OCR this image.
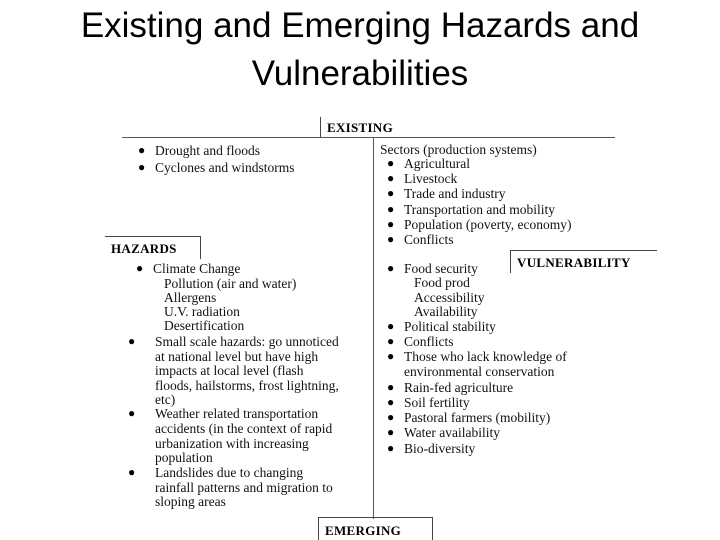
Existing and Emerging Hazards and
Vulnerabilities
EXISTING
HAZARDS
VULNERABILITY
EMERGING
● Drought and floods
● Cyclones and windstorms
● Climate Change
Pollution (air and water)
Allergens
U.V. radiation
Desertification
● Small scale hazards: go unnoticed
at national level but have high
impacts at local level (flash
floods, hailstorms, frost lightning,
etc)
● Weather related transportation
accidents (in the context of rapid
urbanization with increasing
population
● Landslides due to changing
rainfall patterns and migration to
sloping areas
Sectors (production systems)
● Agricultural
● Livestock
● Trade and industry
● Transportation and mobility
● Population (poverty, economy)
● Conflicts
● Food security
Food prod
Accessibility
Availability
● Political stability
● Conflicts
● Those who lack knowledge of
environmental conservation
● Rain-fed agriculture
● Soil fertility
● Pastoral farmers (mobility)
● Water availability
● Bio-diversity
